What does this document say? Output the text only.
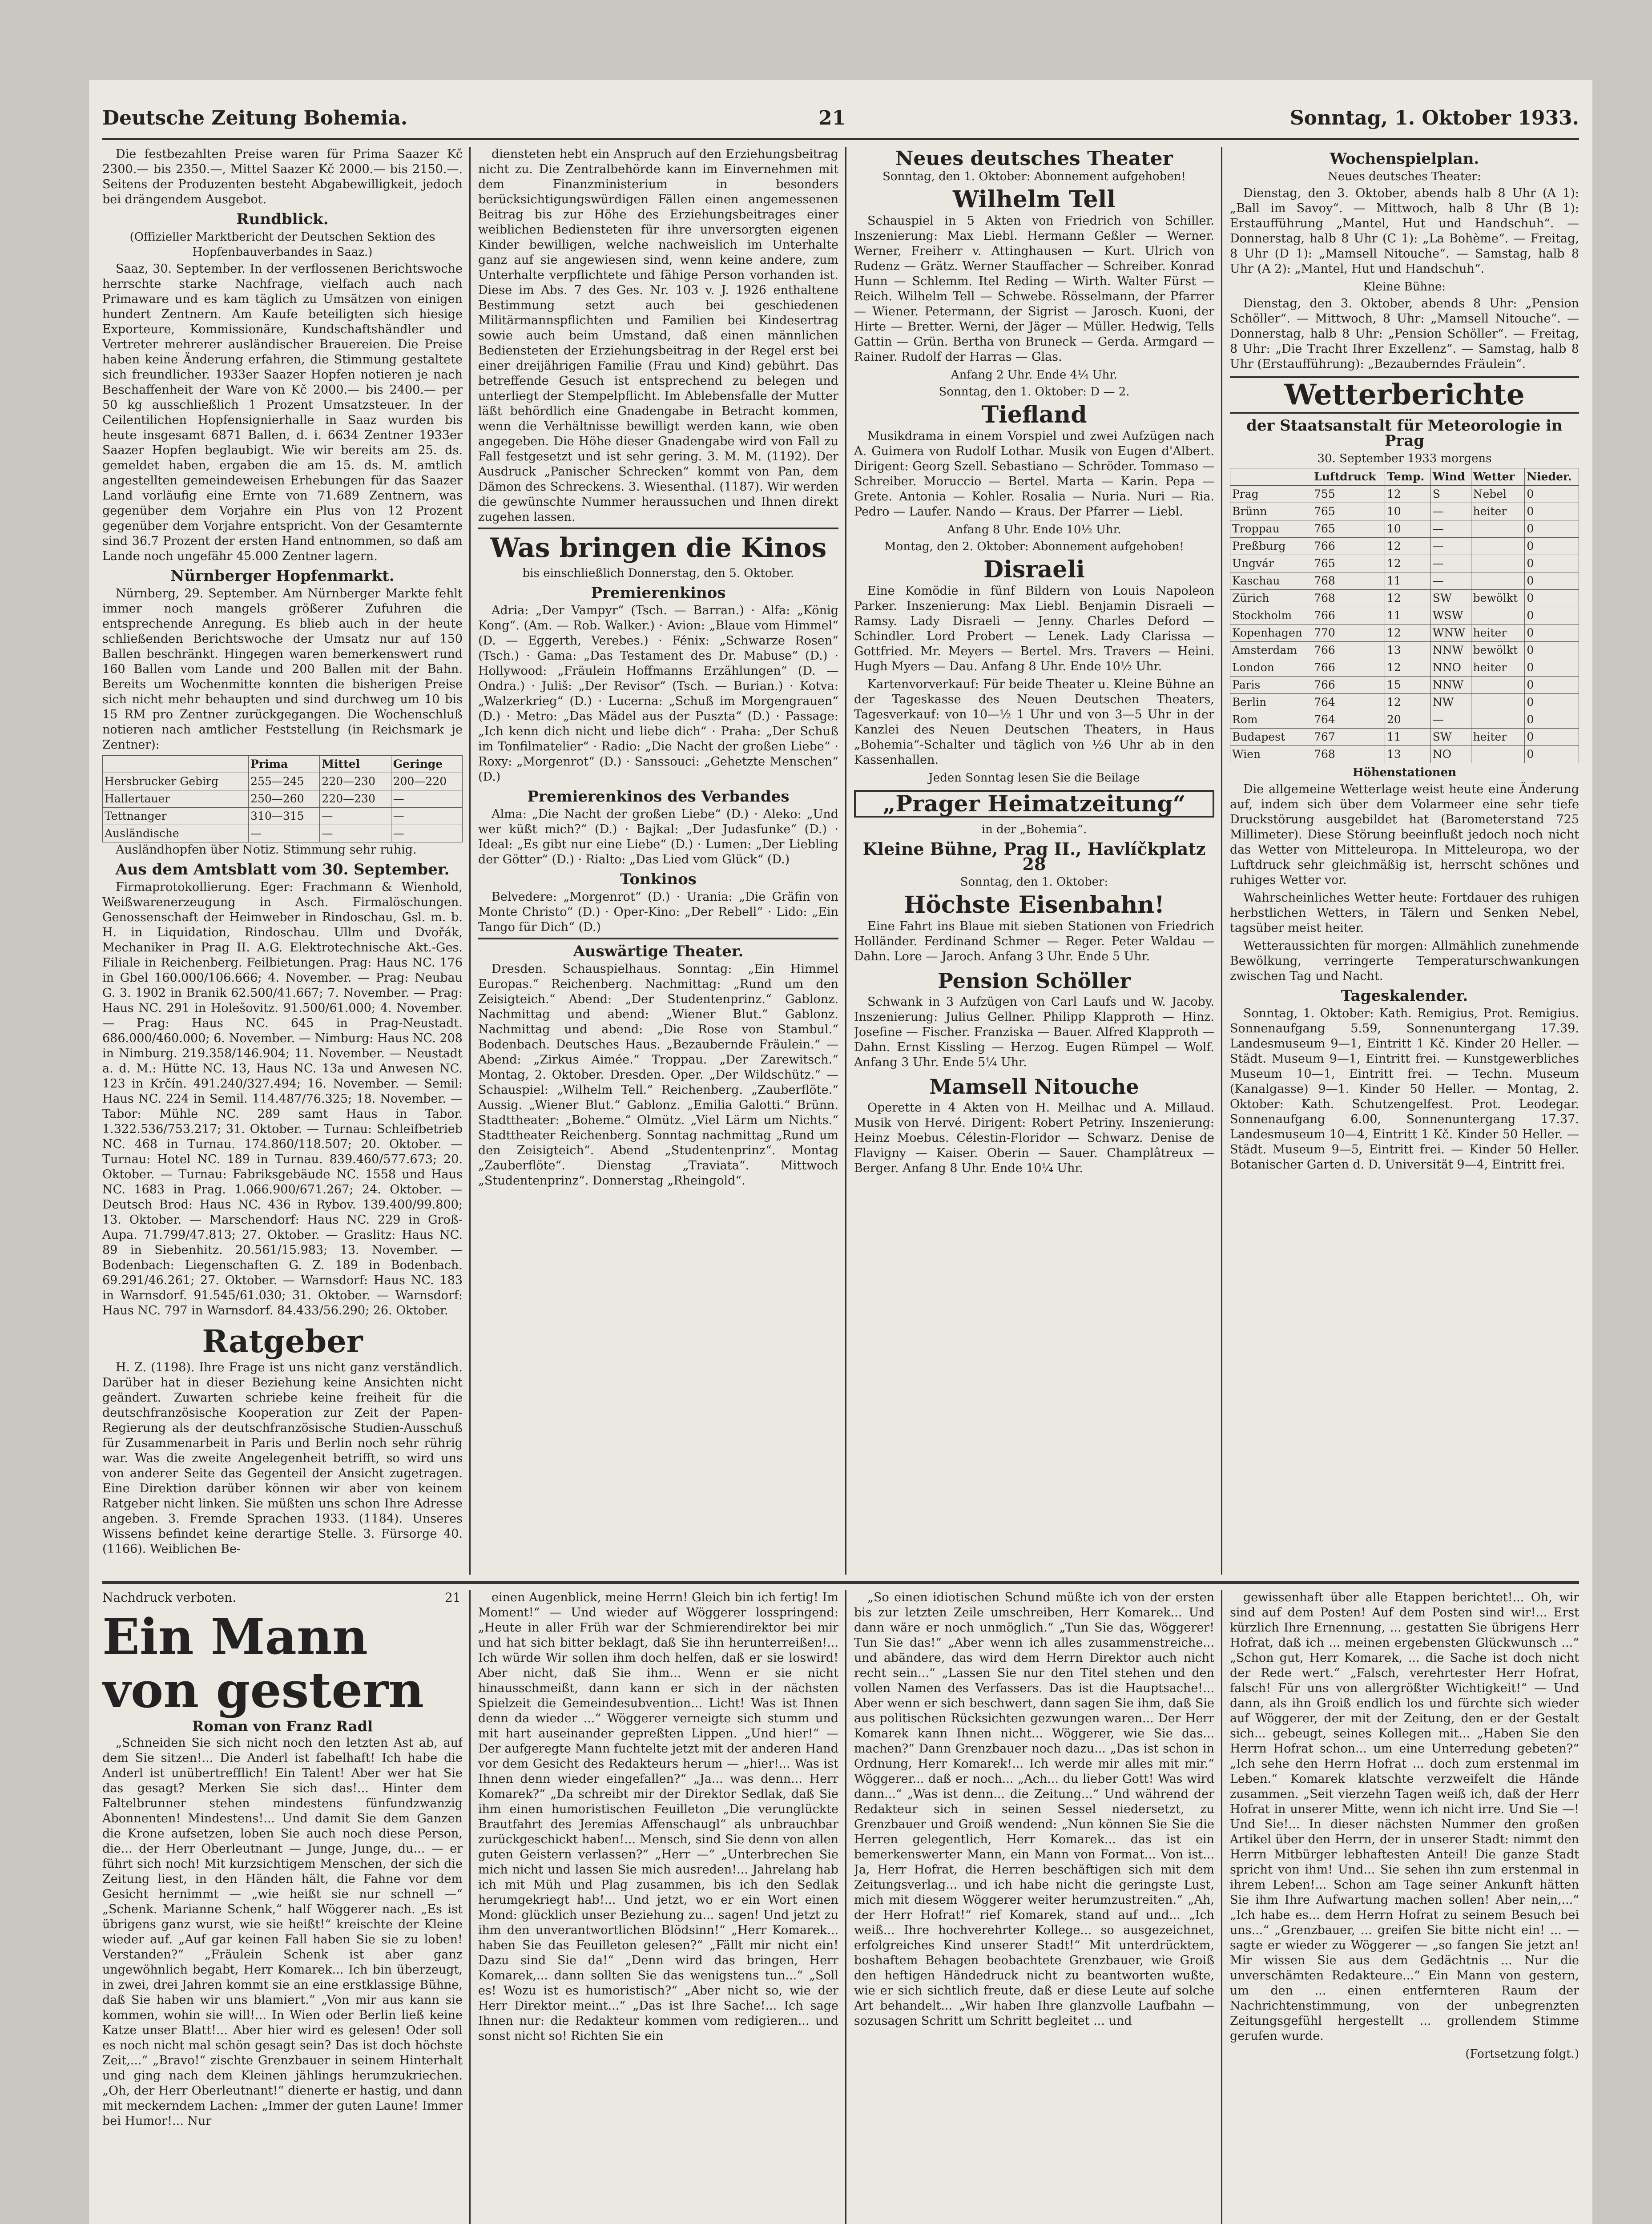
Deutsche Zeitung Bohemia.	21	Sonntag, 1. Oktober 1933.

Die festbezahlten Preise waren für Prima Saazer Kč 2300.— bis 2350.—, Mittel Saazer Kč 2000.— bis 2150.—. Seitens der Produzenten besteht Abgabewilligkeit, jedoch bei drängendem Ausgebot.

Rundblick.
(Offizieller Marktbericht der Deutschen Sektion des Hopfenbauverbandes in Saaz.)

Saaz, 30. September. In der verflossenen Berichtswoche herrschte starke Nachfrage, vielfach auch nach Primaware und es kam täglich zu Umsätzen von einigen hundert Zentnern. Am Kaufe beteiligten sich hiesige Exporteure, Kommissionäre, Kundschaftshändler und Vertreter mehrerer ausländischer Brauereien. Die Preise haben keine Änderung erfahren, die Stimmung gestaltete sich freundlicher. 1933er Saazer Hopfen notieren je nach Beschaffenheit der Ware von Kč 2000.— bis 2400.— per 50 kg ausschließlich 1 Prozent Umsatzsteuer. In der Ceilentilichen Hopfensignierhalle in Saaz wurden bis heute insgesamt 6871 Ballen, d. i. 6634 Zentner 1933er Saazer Hopfen beglaubigt. Wie wir bereits am 25. ds. gemeldet haben, ergaben die am 15. ds. M. amtlich angestellten gemeindeweisen Erhebungen für das Saazer Land vorläufig eine Ernte von 71.689 Zentnern, was gegenüber dem Vorjahre ein Plus von 12 Prozent gegenüber dem Vorjahre entspricht. Von der Gesamternte sind 36.7 Prozent der ersten Hand entnommen, so daß am Lande noch ungefähr 45.000 Zentner lagern.

Nürnberger Hopfenmarkt.

Nürnberg, 29. September. Am Nürnberger Markte fehlt immer noch mangels größerer Zufuhren die entsprechende Anregung. Es blieb auch in der heute schließenden Berichtswoche der Umsatz nur auf 150 Ballen beschränkt. Hingegen waren bemerkenswert rund 160 Ballen vom Lande und 200 Ballen mit der Bahn. Bereits um Wochenmitte konnten die bisherigen Preise sich nicht mehr behaupten und sind durchweg um 10 bis 15 RM pro Zentner zurückgegangen. Die Wochenschluß notieren nach amtlicher Feststellung (in Reichsmark je Zentner):

	Prima	Mittel	Geringe
Hersbrucker Gebirg	255—245	220—230	200—220
Hallertauer	250—260	220—230	—
Tettnanger	310—315	—	—
Ausländische	—	—	—

Ausländhopfen über Notiz. Stimmung sehr ruhig.

Aus dem Amtsblatt vom 30. September.

Firmaprotokollierung. Eger: Frachmann & Wienhold, Weißwarenerzeugung in Asch. Firmalöschungen. Genossenschaft der Heimweber in Rindoschau, Gsl. m. b. H. in Liquidation, Rindoschau. Ullm und Dvořák, Mechaniker in Prag II. A.G. Elektrotechnische Akt.-Ges. Filiale in Reichenberg. Feilbietungen. Prag: Haus NC. 176 in Gbel 160.000/106.666; 4. November. — Prag: Neubau G. 3. 1902 in Branik 62.500/41.667; 7. November. — Prag: Haus NC. 291 in Holešovitz. 91.500/61.000; 4. November. — Prag: Haus NC. 645 in Prag-Neustadt. 686.000/460.000; 6. November. — Nimburg: Haus NC. 208 in Nimburg. 219.358/146.904; 11. November. — Neustadt a. d. M.: Hütte NC. 13, Haus NC. 13a und Anwesen NC. 123 in Krčín. 491.240/327.494; 16. November. — Semil: Haus NC. 224 in Semil. 114.487/76.325; 18. November. — Tabor: Mühle NC. 289 samt Haus in Tabor. 1.322.536/753.217; 31. Oktober. — Turnau: Schleifbetrieb NC. 468 in Turnau. 174.860/118.507; 20. Oktober. — Turnau: Hotel NC. 189 in Turnau. 839.460/577.673; 20. Oktober. — Turnau: Fabriksgebäude NC. 1558 und Haus NC. 1683 in Prag. 1.066.900/671.267; 24. Oktober. — Deutsch Brod: Haus NC. 436 in Rybov. 139.400/99.800; 13. Oktober. — Marschendorf: Haus NC. 229 in Groß-Aupa. 71.799/47.813; 27. Oktober. — Graslitz: Haus NC. 89 in Siebenhitz. 20.561/15.983; 13. November. — Bodenbach: Liegenschaften G. Z. 189 in Bodenbach. 69.291/46.261; 27. Oktober. — Warnsdorf: Haus NC. 183 in Warnsdorf. 91.545/61.030; 31. Oktober. — Warnsdorf: Haus NC. 797 in Warnsdorf. 84.433/56.290; 26. Oktober.

Ratgeber

H. Z. (1198). Ihre Frage ist uns nicht ganz verständlich. Darüber hat in dieser Beziehung keine Ansichten nicht geändert. Zuwarten schriebe keine freiheit für die deutschfranzösische Kooperation zur Zeit der Papen-Regierung als der deutschfranzösische Studien-Ausschuß für Zusammenarbeit in Paris und Berlin noch sehr rührig war. Was die zweite Angelegenheit betrifft, so wird uns von anderer Seite das Gegenteil der Ansicht zugetragen. Eine Direktion darüber können wir aber von keinem Ratgeber nicht linken. Sie müßten uns schon Ihre Adresse angeben. 3. Fremde Sprachen 1933. (1184). Unseres Wissens befindet keine derartige Stelle. 3. Fürsorge 40. (1166). Weiblichen Be-

diensteten hebt ein Anspruch auf den Erziehungsbeitrag nicht zu. Die Zentralbehörde kann im Einvernehmen mit dem Finanzministerium in besonders berücksichtigungswürdigen Fällen einen angemessenen Beitrag bis zur Höhe des Erziehungsbeitrages einer weiblichen Bediensteten für ihre unversorgten eigenen Kinder bewilligen, welche nachweislich im Unterhalte ganz auf sie angewiesen sind, wenn keine andere, zum Unterhalte verpflichtete und fähige Person vorhanden ist. Diese im Abs. 7 des Ges. Nr. 103 v. J. 1926 enthaltene Bestimmung setzt auch bei geschiedenen Militärmannspflichten und Familien bei Kindesertrag sowie auch beim Umstand, daß einen männlichen Bediensteten der Erziehungsbeitrag in der Regel erst bei einer dreijährigen Familie (Frau und Kind) gebührt. Das betreffende Gesuch ist entsprechend zu belegen und unterliegt der Stempelpflicht. Im Ablebensfalle der Mutter läßt behördlich eine Gnadengabe in Betracht kommen, wenn die Verhältnisse bewilligt werden kann, wie oben angegeben. Die Höhe dieser Gnadengabe wird von Fall zu Fall festgesetzt und ist sehr gering. 3. M. M. (1192). Der Ausdruck „Panischer Schrecken“ kommt von Pan, dem Dämon des Schreckens. 3. Wiesenthal. (1187). Wir werden die gewünschte Nummer heraussuchen und Ihnen direkt zugehen lassen.

Was bringen die Kinos
bis einschließlich Donnerstag, den 5. Oktober.
Premierenkinos

Adria: „Der Vampyr“ (Tsch. — Barran.) · Alfa: „König Kong“. (Am. — Rob. Walker.) · Avion: „Blaue vom Himmel“ (D. — Eggerth, Verebes.) · Fénix: „Schwarze Rosen“ (Tsch.) · Gama: „Das Testament des Dr. Mabuse“ (D.) · Hollywood: „Fräulein Hoffmanns Erzählungen“ (D. — Ondra.) · Juliš: „Der Revisor“ (Tsch. — Burian.) · Kotva: „Walzerkrieg“ (D.) · Lucerna: „Schuß im Morgengrauen“ (D.) · Metro: „Das Mädel aus der Puszta“ (D.) · Passage: „Ich kenn dich nicht und liebe dich“ · Praha: „Der Schuß im Tonfilmatelier“ · Radio: „Die Nacht der großen Liebe“ · Roxy: „Morgenrot“ (D.) · Sanssouci: „Gehetzte Menschen“ (D.)

Premierenkinos des Verbandes

Alma: „Die Nacht der großen Liebe“ (D.) · Aleko: „Und wer küßt mich?“ (D.) · Bajkal: „Der Judasfunke“ (D.) · Ideal: „Es gibt nur eine Liebe“ (D.) · Lumen: „Der Liebling der Götter“ (D.) · Rialto: „Das Lied vom Glück“ (D.)

Tonkinos

Belvedere: „Morgenrot“ (D.) · Urania: „Die Gräfin von Monte Christo“ (D.) · Oper-Kino: „Der Rebell“ · Lido: „Ein Tango für Dich“ (D.)

Auswärtige Theater.

Dresden. Schauspielhaus. Sonntag: „Ein Himmel Europas.“ Reichenberg. Nachmittag: „Rund um den Zeisigteich.“ Abend: „Der Studentenprinz.“ Gablonz. Nachmittag und abend: „Wiener Blut.“ Gablonz. Nachmittag und abend: „Die Rose von Stambul.“ Bodenbach. Deutsches Haus. „Bezaubernde Fräulein.“ — Abend: „Zirkus Aimée.“ Troppau. „Der Zarewitsch.“ Montag, 2. Oktober. Dresden. Oper. „Der Wildschütz.“ — Schauspiel: „Wilhelm Tell.“ Reichenberg. „Zauberflöte.“ Aussig. „Wiener Blut.“ Gablonz. „Emilia Galotti.“ Brünn. Stadttheater: „Boheme.“ Olmütz. „Viel Lärm um Nichts.“ Stadttheater Reichenberg. Sonntag nachmittag „Rund um den Zeisigteich“. Abend „Studentenprinz“. Montag „Zauberflöte“. Dienstag „Traviata“. Mittwoch „Studentenprinz“. Donnerstag „Rheingold“.

Neues deutsches Theater
Sonntag, den 1. Oktober: Abonnement aufgehoben!
Wilhelm Tell

Schauspiel in 5 Akten von Friedrich von Schiller. Inszenierung: Max Liebl. Hermann Geßler — Werner. Werner, Freiherr v. Attinghausen — Kurt. Ulrich von Rudenz — Grätz. Werner Stauffacher — Schreiber. Konrad Hunn — Schlemm. Itel Reding — Wirth. Walter Fürst — Reich. Wilhelm Tell — Schwebe. Rösselmann, der Pfarrer — Wiener. Petermann, der Sigrist — Jarosch. Kuoni, der Hirte — Bretter. Werni, der Jäger — Müller. Hedwig, Tells Gattin — Grün. Bertha von Bruneck — Gerda. Armgard — Rainer. Rudolf der Harras — Glas.

Anfang 2 Uhr. Ende 4¼ Uhr.
Sonntag, den 1. Oktober: D — 2.
Tiefland

Musikdrama in einem Vorspiel und zwei Aufzügen nach A. Guimera von Rudolf Lothar. Musik von Eugen d'Albert. Dirigent: Georg Szell. Sebastiano — Schröder. Tommaso — Schreiber. Moruccio — Bertel. Marta — Karin. Pepa — Grete. Antonia — Kohler. Rosalia — Nuria. Nuri — Ria. Pedro — Laufer. Nando — Kraus. Der Pfarrer — Liebl.

Anfang 8 Uhr. Ende 10½ Uhr.
Montag, den 2. Oktober: Abonnement aufgehoben!
Disraeli

Eine Komödie in fünf Bildern von Louis Napoleon Parker. Inszenierung: Max Liebl. Benjamin Disraeli — Ramsy. Lady Disraeli — Jenny. Charles Deford — Schindler. Lord Probert — Lenek. Lady Clarissa — Gottfried. Mr. Meyers — Bertel. Mrs. Travers — Heini. Hugh Myers — Dau. Anfang 8 Uhr. Ende 10½ Uhr.

Kartenvorverkauf: Für beide Theater u. Kleine Bühne an der Tageskasse des Neuen Deutschen Theaters, Tagesverkauf: von 10—½ 1 Uhr und von 3—5 Uhr in der Kanzlei des Neuen Deutschen Theaters, in Haus „Bohemia“-Schalter und täglich von ½6 Uhr ab in den Kassenhallen.

Jeden Sonntag lesen Sie die Beilage
„Prager Heimatzeitung“
in der „Bohemia“.
Kleine Bühne, Prag II., Havlíčkplatz 28
Sonntag, den 1. Oktober:
Höchste Eisenbahn!

Eine Fahrt ins Blaue mit sieben Stationen von Friedrich Holländer. Ferdinand Schmer — Reger. Peter Waldau — Dahn. Lore — Jaroch. Anfang 3 Uhr. Ende 5 Uhr.

Pension Schöller

Schwank in 3 Aufzügen von Carl Laufs und W. Jacoby. Inszenierung: Julius Gellner. Philipp Klapproth — Hinz. Josefine — Fischer. Franziska — Bauer. Alfred Klapproth — Dahn. Ernst Kissling — Herzog. Eugen Rümpel — Wolf. Anfang 3 Uhr. Ende 5¼ Uhr.

Mamsell Nitouche

Operette in 4 Akten von H. Meilhac und A. Millaud. Musik von Hervé. Dirigent: Robert Petriny. Inszenierung: Heinz Moebus. Célestin-Floridor — Schwarz. Denise de Flavigny — Kaiser. Oberin — Sauer. Champlâtreux — Berger. Anfang 8 Uhr. Ende 10¼ Uhr.

Wochenspielplan.
Neues deutsches Theater:

Dienstag, den 3. Oktober, abends halb 8 Uhr (A 1): „Ball im Savoy“. — Mittwoch, halb 8 Uhr (B 1): Erstaufführung „Mantel, Hut und Handschuh“. — Donnerstag, halb 8 Uhr (C 1): „La Bohème“. — Freitag, 8 Uhr (D 1): „Mamsell Nitouche“. — Samstag, halb 8 Uhr (A 2): „Mantel, Hut und Handschuh“.

Kleine Bühne:

Dienstag, den 3. Oktober, abends 8 Uhr: „Pension Schöller“. — Mittwoch, 8 Uhr: „Mamsell Nitouche“. — Donnerstag, halb 8 Uhr: „Pension Schöller“. — Freitag, 8 Uhr: „Die Tracht Ihrer Exzellenz“. — Samstag, halb 8 Uhr (Erstaufführung): „Bezauberndes Fräulein“.

Wetterberichte
der Staatsanstalt für Meteorologie in Prag
30. September 1933 morgens
	Luftdruck	Temp.	Wind	Wetter	Nieder.
Prag	755	12	S	Nebel	0
Brünn	765	10	—	heiter	0
Troppau	765	10	—		0
Preßburg	766	12	—		0
Ungvár	765	12	—		0
Kaschau	768	11	—		0
Zürich	768	12	SW	bewölkt	0
Stockholm	766	11	WSW		0
Kopenhagen	770	12	WNW	heiter	0
Amsterdam	766	13	NNW	bewölkt	0
London	766	12	NNO	heiter	0
Paris	766	15	NNW		0
Berlin	764	12	NW		0
Rom	764	20	—		0
Budapest	767	11	SW	heiter	0
Wien	768	13	NO		0
Höhenstationen

Die allgemeine Wetterlage weist heute eine Änderung auf, indem sich über dem Volarmeer eine sehr tiefe Druckstörung ausgebildet hat (Barometerstand 725 Millimeter). Diese Störung beeinflußt jedoch noch nicht das Wetter von Mitteleuropa. In Mitteleuropa, wo der Luftdruck sehr gleichmäßig ist, herrscht schönes und ruhiges Wetter vor.

Wahrscheinliches Wetter heute: Fortdauer des ruhigen herbstlichen Wetters, in Tälern und Senken Nebel, tagsüber meist heiter.

Wetteraussichten für morgen: Allmählich zunehmende Bewölkung, verringerte Temperaturschwankungen zwischen Tag und Nacht.

Tageskalender.

Sonntag, 1. Oktober: Kath. Remigius, Prot. Remigius. Sonnenaufgang 5.59, Sonnenuntergang 17.39. Landesmuseum 9—1, Eintritt 1 Kč. Kinder 20 Heller. — Städt. Museum 9—1, Eintritt frei. — Kunstgewerbliches Museum 10—1, Eintritt frei. — Techn. Museum (Kanalgasse) 9—1. Kinder 50 Heller. — Montag, 2. Oktober: Kath. Schutzengelfest. Prot. Leodegar. Sonnenaufgang 6.00, Sonnenuntergang 17.37. Landesmuseum 10—4, Eintritt 1 Kč. Kinder 50 Heller. — Städt. Museum 9—5, Eintritt frei. — Kinder 50 Heller. Botanischer Garten d. D. Universität 9—4, Eintritt frei.

Nachdruck verboten.	21
Ein Mann von gestern
Roman von Franz Radl

„Schneiden Sie sich nicht noch den letzten Ast ab, auf dem Sie sitzen!... Die Anderl ist fabelhaft! Ich habe die Anderl ist unübertrefflich! Ein Talent! Aber wer hat Sie das gesagt? Merken Sie sich das!... Hinter dem Faltelbrunner stehen mindestens fünfundzwanzig Abonnenten! Mindestens!... Und damit Sie dem Ganzen die Krone aufsetzen, loben Sie auch noch diese Person, die... der Herr Oberleutnant — Junge, Junge, du... — er führt sich noch! Mit kurzsichtigem Menschen, der sich die Zeitung liest, in den Händen hält, die Fahne vor dem Gesicht hernimmt — „wie heißt sie nur schnell —“ „Schenk. Marianne Schenk,“ half Wöggerer nach. „Es ist übrigens ganz wurst, wie sie heißt!“ kreischte der Kleine wieder auf. „Auf gar keinen Fall haben Sie sie zu loben! Verstanden?“ „Fräulein Schenk ist aber ganz ungewöhnlich begabt, Herr Komarek... Ich bin überzeugt, in zwei, drei Jahren kommt sie an eine erstklassige Bühne, daß Sie haben wir uns blamiert.“ „Von mir aus kann sie kommen, wohin sie will!... In Wien oder Berlin ließ keine Katze unser Blatt!... Aber hier wird es gelesen! Oder soll es noch nicht mal schön gesagt sein? Das ist doch höchste Zeit,...“ „Bravo!“ zischte Grenzbauer in seinem Hinterhalt und ging nach dem Kleinen jählings herumzukriechen. „Oh, der Herr Oberleutnant!“ dienerte er hastig, und dann mit meckerndem Lachen: „Immer der guten Laune! Immer bei Humor!... Nur

einen Augenblick, meine Herrn! Gleich bin ich fertig! Im Moment!“ — Und wieder auf Wöggerer losspringend: „Heute in aller Früh war der Schmierendirektor bei mir und hat sich bitter beklagt, daß Sie ihn herunterreißen!... Ich würde Wir sollen ihm doch helfen, daß er sie loswird! Aber nicht, daß Sie ihm... Wenn er sie nicht hinausschmeißt, dann kann er sich in der nächsten Spielzeit die Gemeindesubvention... Licht! Was ist Ihnen denn da wieder ...“ Wöggerer verneigte sich stumm und mit hart auseinander gepreßten Lippen. „Und hier!“ — Der aufgeregte Mann fuchtelte jetzt mit der anderen Hand vor dem Gesicht des Redakteurs herum — „hier!... Was ist Ihnen denn wieder eingefallen?“ „Ja... was denn... Herr Komarek?“ „Da schreibt mir der Direktor Sedlak, daß Sie ihm einen humoristischen Feuilleton „Die verunglückte Brautfahrt des Jeremias Affenschaugl“ als unbrauchbar zurückgeschickt haben!... Mensch, sind Sie denn von allen guten Geistern verlassen?“ „Herr —“ „Unterbrechen Sie mich nicht und lassen Sie mich ausreden!... Jahrelang hab ich mit Müh und Plag zusammen, bis ich den Sedlak herumgekriegt hab!... Und jetzt, wo er ein Wort einen Mond: glücklich unser Beziehung zu... sagen! Und jetzt zu ihm den unverantwortlichen Blödsinn!“ „Herr Komarek... haben Sie das Feuilleton gelesen?“ „Fällt mir nicht ein! Dazu sind Sie da!“ „Denn wird das bringen, Herr Komarek,... dann sollten Sie das wenigstens tun...“ „Soll es! Wozu ist es humoristisch?“ „Aber nicht so, wie der Herr Direktor meint...“ „Das ist Ihre Sache!... Ich sage Ihnen nur: die Redakteur kommen vom redigieren... und sonst nicht so! Richten Sie ein

„So einen idiotischen Schund müßte ich von der ersten bis zur letzten Zeile umschreiben, Herr Komarek... Und dann wäre er noch unmöglich.“ „Tun Sie das, Wöggerer! Tun Sie das!“ „Aber wenn ich alles zusammenstreiche... und abändere, das wird dem Herrn Direktor auch nicht recht sein...“ „Lassen Sie nur den Titel stehen und den vollen Namen des Verfassers. Das ist die Hauptsache!... Aber wenn er sich beschwert, dann sagen Sie ihm, daß Sie aus politischen Rücksichten gezwungen waren... Der Herr Komarek kann Ihnen nicht... Wöggerer, wie Sie das... machen?“ Dann Grenzbauer noch dazu... „Das ist schon in Ordnung, Herr Komarek!... Ich werde mir alles mit mir.“ Wöggerer... daß er noch... „Ach... du lieber Gott! Was wird dann...“ „Was ist denn... die Zeitung...“ Und während der Redakteur sich in seinen Sessel niedersetzt, zu Grenzbauer und Groiß wendend: „Nun können Sie Sie die Herren gelegentlich, Herr Komarek... das ist ein bemerkenswerter Mann, ein Mann von Format... Von ist... Ja, Herr Hofrat, die Herren beschäftigen sich mit dem Zeitungsverlag... und ich habe nicht die geringste Lust, mich mit diesem Wöggerer weiter herumzustreiten.“ „Ah, der Herr Hofrat!“ rief Komarek, stand auf und... „Ich weiß... Ihre hochverehrter Kollege... so ausgezeichnet, erfolgreiches Kind unserer Stadt!“ Mit unterdrücktem, boshaftem Behagen beobachtete Grenzbauer, wie Groiß den heftigen Händedruck nicht zu beantworten wußte, wie er sich sichtlich freute, daß er diese Leute auf solche Art behandelt... „Wir haben Ihre glanzvolle Laufbahn — sozusagen Schritt um Schritt begleitet ... und

gewissenhaft über alle Etappen berichtet!... Oh, wir sind auf dem Posten! Auf dem Posten sind wir!... Erst kürzlich Ihre Ernennung, ... gestatten Sie übrigens Herr Hofrat, daß ich ... meinen ergebensten Glückwunsch ...“ „Schon gut, Herr Komarek, ... die Sache ist doch nicht der Rede wert.“ „Falsch, verehrtester Herr Hofrat, falsch! Für uns von allergrößter Wichtigkeit!“ — Und dann, als ihn Groiß endlich los und fürchte sich wieder auf Wöggerer, der mit der Zeitung, den er der Gestalt sich... gebeugt, seines Kollegen mit... „Haben Sie den Herrn Hofrat schon... um eine Unterredung gebeten?“ „Ich sehe den Herrn Hofrat ... doch zum erstenmal im Leben.“ Komarek klatschte verzweifelt die Hände zusammen. „Seit vierzehn Tagen weiß ich, daß der Herr Hofrat in unserer Mitte, wenn ich nicht irre. Und Sie —! Und Sie!... In dieser nächsten Nummer den großen Artikel über den Herrn, der in unserer Stadt: nimmt den Herrn Mitbürger lebhaftesten Anteil! Die ganze Stadt spricht von ihm! Und... Sie sehen ihn zum erstenmal in ihrem Leben!... Schon am Tage seiner Ankunft hätten Sie ihm Ihre Aufwartung machen sollen! Aber nein,...“ „Ich habe es... dem Herrn Hofrat zu seinem Besuch bei uns...“ „Grenzbauer, ... greifen Sie bitte nicht ein! ... — sagte er wieder zu Wöggerer — „so fangen Sie jetzt an! Mir wissen Sie aus dem Gedächtnis ... Nur die unverschämten Redakteure...“ Ein Mann von gestern, um den ... einen entfernteren Raum der Nachrichtenstimmung, von der unbegrenzten Zeitungsgefühl hergestellt ... grollendem Stimme gerufen wurde.

(Fortsetzung folgt.)
